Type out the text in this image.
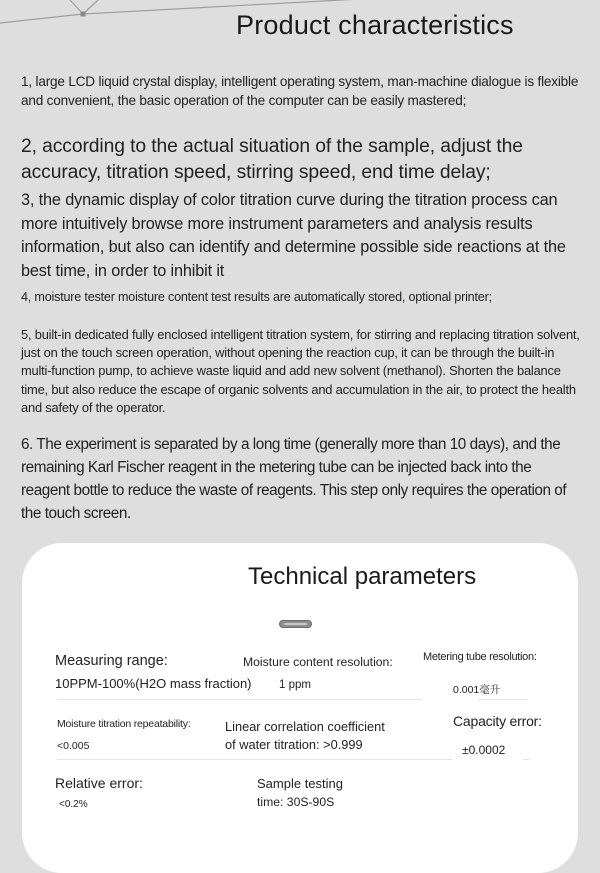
Product characteristics

1, large LCD liquid crystal display, intelligent operating system, man-machine dialogue is flexible and convenient, the basic operation of the computer can be easily mastered;

2, according to the actual situation of the sample, adjust the accuracy, titration speed, stirring speed, end time delay;

3, the dynamic display of color titration curve during the titration process can more intuitively browse more instrument parameters and analysis results information, but also can identify and determine possible side reactions at the best time, in order to inhibit it

4, moisture tester moisture content test results are automatically stored, optional printer;

5, built-in dedicated fully enclosed intelligent titration system, for stirring and replacing titration solvent, just on the touch screen operation, without opening the reaction cup, it can be through the built-in multi-function pump, to achieve waste liquid and add new solvent (methanol). Shorten the balance time, but also reduce the escape of organic solvents and accumulation in the air, to protect the health and safety of the operator.

6. The experiment is separated by a long time (generally more than 10 days), and the remaining Karl Fischer reagent in the metering tube can be injected back into the reagent bottle to reduce the waste of reagents. This step only requires the operation of the touch screen.

Technical parameters
Measuring range:
10PPM-100%(H2O mass fraction)
Moisture content resolution:
1 ppm
Metering tube resolution:
0.001毫升
Moisture titration repeatability:
<0.005
Linear correlation coefficient
of water titration: >0.999
Capacity error:
±0.0002
Relative error:
<0.2%
Sample testing
time: 30S-90S
